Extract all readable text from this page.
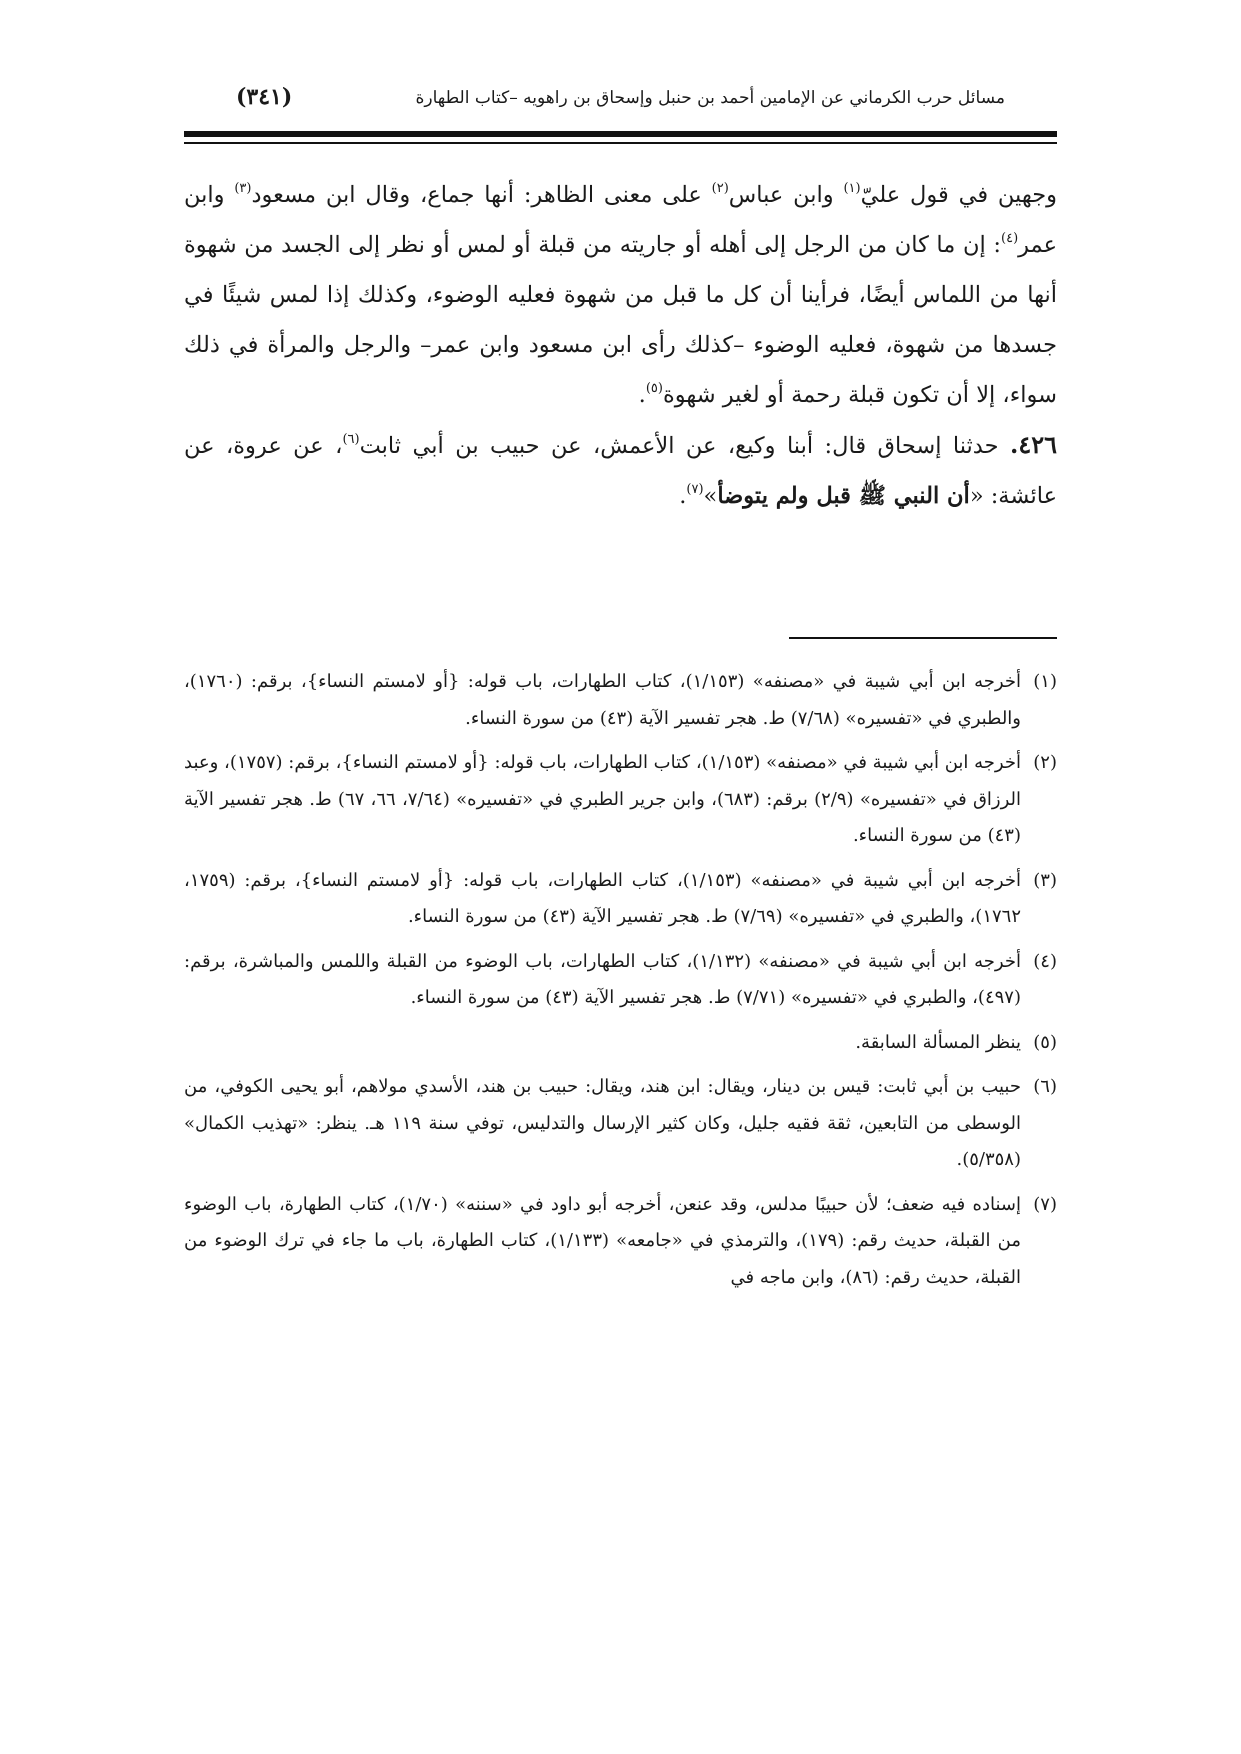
مسائل حرب الكرماني عن الإمامين أحمد بن حنبل وإسحاق بن راهويه –كتاب الطهارة
(٣٤١)

وجهين في قول عليّ$^{(١)}$ وابن عباس$^{(٢)}$ على معنى الظاهر: أنها جماع، وقال ابن مسعود$^{(٣)}$ وابن عمر$^{(٤)}$: إن ما كان من الرجل إلى أهله أو جاريته من قبلة أو لمس أو نظر إلى الجسد من شهوة أنها من اللماس أيضًا، فرأينا أن كل ما قبل من شهوة فعليه الوضوء، وكذلك إذا لمس شيئًا في جسدها من شهوة، فعليه الوضوء –كذلك رأى ابن مسعود وابن عمر– والرجل والمرأة في ذلك سواء، إلا أن تكون قبلة رحمة أو لغير شهوة$^{(٥)}$.

٤٢٦. حدثنا إسحاق قال: أبنا وكيع، عن الأعمش، عن حبيب بن أبي ثابت$^{(٦)}$، عن عروة، عن عائشة: «أن النبي ﷺ قبل ولم يتوضأ»$^{(٧)}$.

(١)
أخرجه ابن أبي شيبة في «مصنفه» (١/١٥٣)، كتاب الطهارات، باب قوله: {أو لامستم النساء}، برقم: (١٧٦٠)، والطبري في «تفسيره» (٧/٦٨) ط. هجر تفسير الآية (٤٣) من سورة النساء.

(٢)
أخرجه ابن أبي شيبة في «مصنفه» (١/١٥٣)، كتاب الطهارات، باب قوله: {أو لامستم النساء}، برقم: (١٧٥٧)، وعبد الرزاق في «تفسيره» (٢/٩) برقم: (٦٨٣)، وابن جرير الطبري في «تفسيره» (٧/٦٤، ٦٦، ٦٧) ط. هجر تفسير الآية (٤٣) من سورة النساء.

(٣)
أخرجه ابن أبي شيبة في «مصنفه» (١/١٥٣)، كتاب الطهارات، باب قوله: {أو لامستم النساء}، برقم: (١٧٥٩، ١٧٦٢)، والطبري في «تفسيره» (٧/٦٩) ط. هجر تفسير الآية (٤٣) من سورة النساء.

(٤)
أخرجه ابن أبي شيبة في «مصنفه» (١/١٣٢)، كتاب الطهارات، باب الوضوء من القبلة واللمس والمباشرة، برقم: (٤٩٧)، والطبري في «تفسيره» (٧/٧١) ط. هجر تفسير الآية (٤٣) من سورة النساء.

(٥)
ينظر المسألة السابقة.

(٦)
حبيب بن أبي ثابت: قيس بن دينار، ويقال: ابن هند، ويقال: حبيب بن هند، الأسدي مولاهم، أبو يحيى الكوفي، من الوسطى من التابعين، ثقة فقيه جليل، وكان كثير الإرسال والتدليس، توفي سنة ١١٩ هـ. ينظر: «تهذيب الكمال» (٥/٣٥٨).

(٧)
إسناده فيه ضعف؛ لأن حبيبًا مدلس، وقد عنعن، أخرجه أبو داود في «سننه» (١/٧٠)، كتاب الطهارة، باب الوضوء من القبلة، حديث رقم: (١٧٩)، والترمذي في «جامعه» (١/١٣٣)، كتاب الطهارة، باب ما جاء في ترك الوضوء من القبلة، حديث رقم: (٨٦)، وابن ماجه في
